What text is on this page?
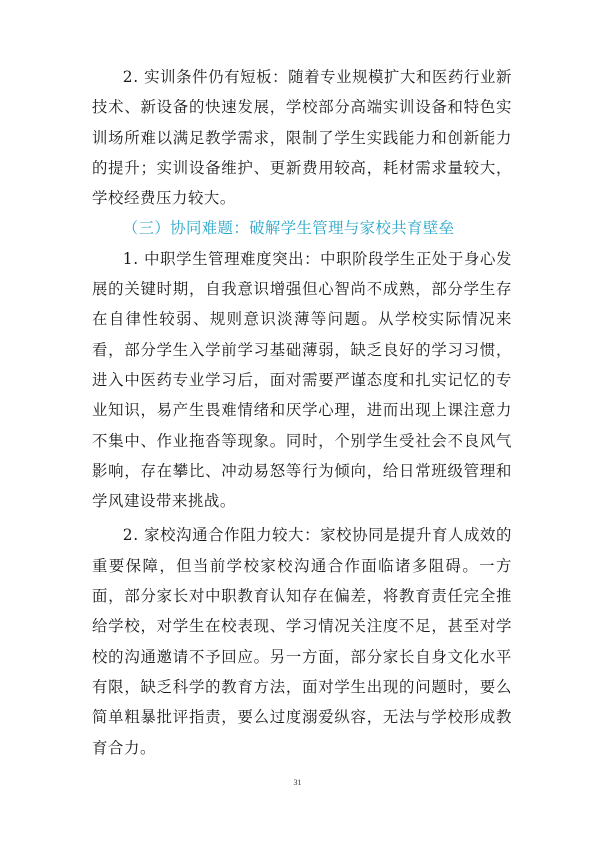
2. 实训条件仍有短板：随着专业规模扩大和医药行业新技术、新设备的快速发展，学校部分高端实训设备和特色实训场所难以满足教学需求，限制了学生实践能力和创新能力的提升；实训设备维护、更新费用较高，耗材需求量较大，学校经费压力较大。

（三）协同难题：破解学生管理与家校共育壁垒

1. 中职学生管理难度突出：中职阶段学生正处于身心发展的关键时期，自我意识增强但心智尚不成熟，部分学生存在自律性较弱、规则意识淡薄等问题。从学校实际情况来看，部分学生入学前学习基础薄弱，缺乏良好的学习习惯，进入中医药专业学习后，面对需要严谨态度和扎实记忆的专业知识，易产生畏难情绪和厌学心理，进而出现上课注意力不集中、作业拖沓等现象。同时，个别学生受社会不良风气影响，存在攀比、冲动易怒等行为倾向，给日常班级管理和学风建设带来挑战。

2. 家校沟通合作阻力较大：家校协同是提升育人成效的重要保障，但当前学校家校沟通合作面临诸多阻碍。一方面，部分家长对中职教育认知存在偏差，将教育责任完全推给学校，对学生在校表现、学习情况关注度不足，甚至对学校的沟通邀请不予回应。另一方面，部分家长自身文化水平有限，缺乏科学的教育方法，面对学生出现的问题时，要么简单粗暴批评指责，要么过度溺爱纵容，无法与学校形成教育合力。

31
